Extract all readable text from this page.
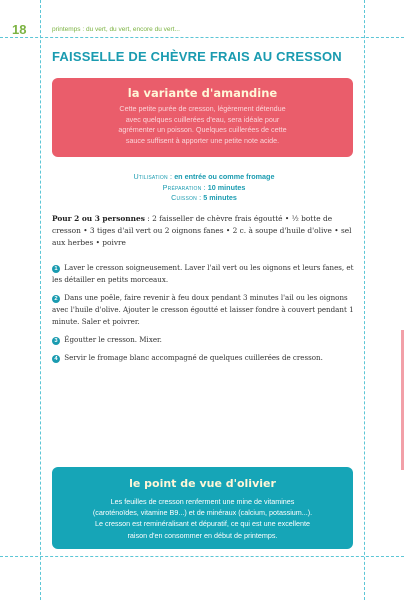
18	printemps : du vert, du vert, encore du vert...
FAISSELLE DE CHÈVRE FRAIS AU CRESSON
la variante d'amandine
Cette petite purée de cresson, légèrement détendue
avec quelques cuillerées d'eau, sera idéale pour
agrémenter un poisson. Quelques cuillerées de cette
sauce suffisent à apporter une petite note acide.
Utilisation : en entrée ou comme fromage
Préparation : 10 minutes
Cuisson : 5 minutes
Pour 2 ou 3 personnes : 2 faisseller de chèvre frais égoutté • ½ botte de cresson • 3 tiges d'ail vert ou 2 oignons fanes • 2 c. à soupe d'huile d'olive • sel aux herbes • poivre
1 Laver le cresson soigneusement. Laver l'ail vert ou les oignons et leurs fanes, et les détailler en petits morceaux.
2 Dans une poêle, faire revenir à feu doux pendant 3 minutes l'ail ou les oignons avec l'huile d'olive. Ajouter le cresson égoutté et laisser fondre à couvert pendant 1 minute. Saler et poivrer.
3 Égoutter le cresson. Mixer.
4 Servir le fromage blanc accompagné de quelques cuillerées de cresson.
le point de vue d'olivier
Les feuilles de cresson renferment une mine de vitamines
(caroténoïdes, vitamine B9...) et de minéraux (calcium, potassium...).
Le cresson est reminéralisant et dépuratif, ce qui est une excellente
raison d'en consommer en début de printemps.
